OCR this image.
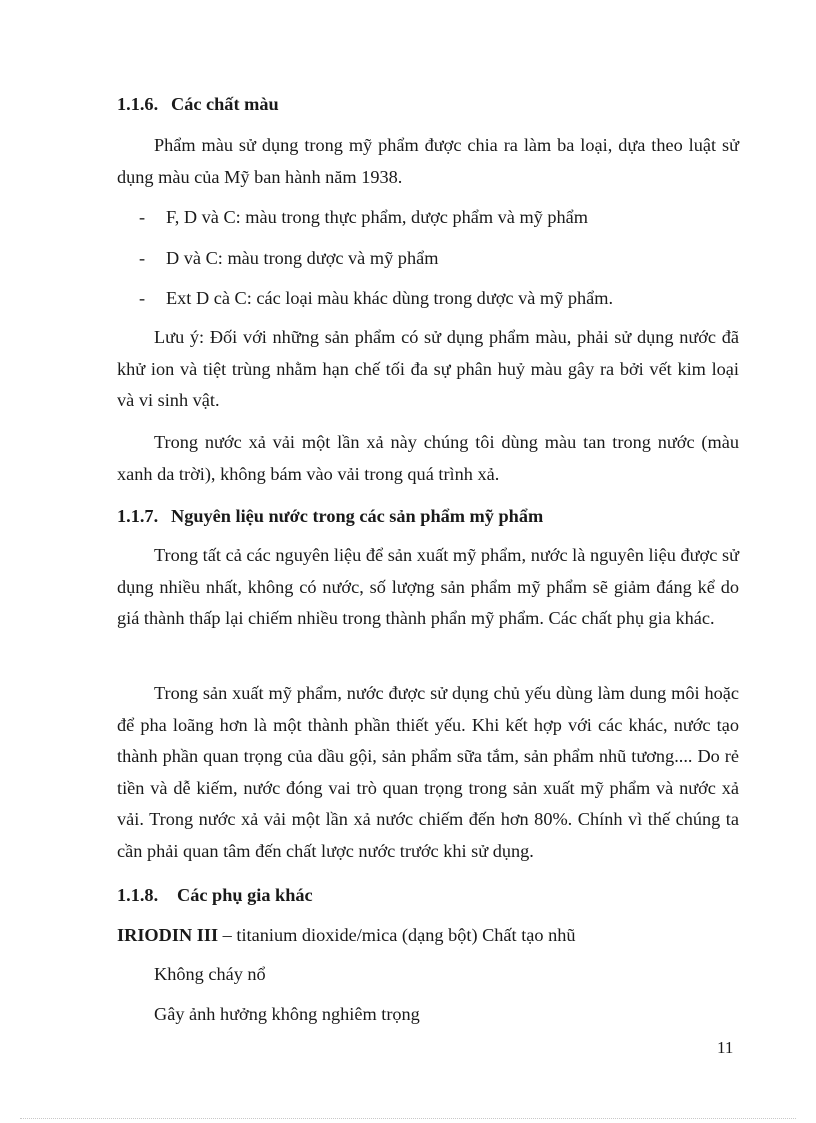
1.1.6. Các chất màu
Phẩm màu sử dụng trong mỹ phẩm được chia ra làm ba loại, dựa theo luật sử dụng màu của Mỹ ban hành năm 1938.
- F, D và C: màu trong thực phẩm, dược phẩm và mỹ phẩm
- D và C: màu trong dược và mỹ phẩm
- Ext D cà C: các loại màu khác dùng trong dược và mỹ phẩm.
Lưu ý: Đối với những sản phẩm có sử dụng phẩm màu, phải sử dụng nước đã khử ion và tiệt trùng nhằm hạn chế tối đa sự phân huỷ màu gây ra bởi vết kim loại và vi sinh vật.
Trong nước xả vải một lần xả này chúng tôi dùng màu tan trong nước (màu xanh da trời), không bám vào vải trong quá trình xả.
1.1.7. Nguyên liệu nước trong các sản phẩm mỹ phẩm
Trong tất cả các nguyên liệu để sản xuất mỹ phẩm, nước là nguyên liệu được sử dụng nhiều nhất, không có nước, số lượng sản phẩm mỹ phẩm sẽ giảm đáng kể do giá thành thấp lại chiếm nhiều trong thành phẩn mỹ phẩm. Các chất phụ gia khác.
Trong sản xuất mỹ phẩm, nước được sử dụng chủ yếu dùng làm dung môi hoặc để pha loãng hơn là một thành phần thiết yếu. Khi kết hợp với các khác, nước tạo thành phần quan trọng của dầu gội, sản phẩm sữa tắm, sản phẩm nhũ tương.... Do rẻ tiền và dễ kiếm, nước đóng vai trò quan trọng trong sản xuất mỹ phẩm và nước xả vải. Trong nước xả vải một lần xả nước chiếm đến hơn 80%. Chính vì thế chúng ta cần phải quan tâm đến chất lược nước trước khi sử dụng.
1.1.8. Các phụ gia khác
IRIODIN III – titanium dioxide/mica (dạng bột) Chất tạo nhũ
Không cháy nổ
Gây ảnh hưởng không nghiêm trọng
11
